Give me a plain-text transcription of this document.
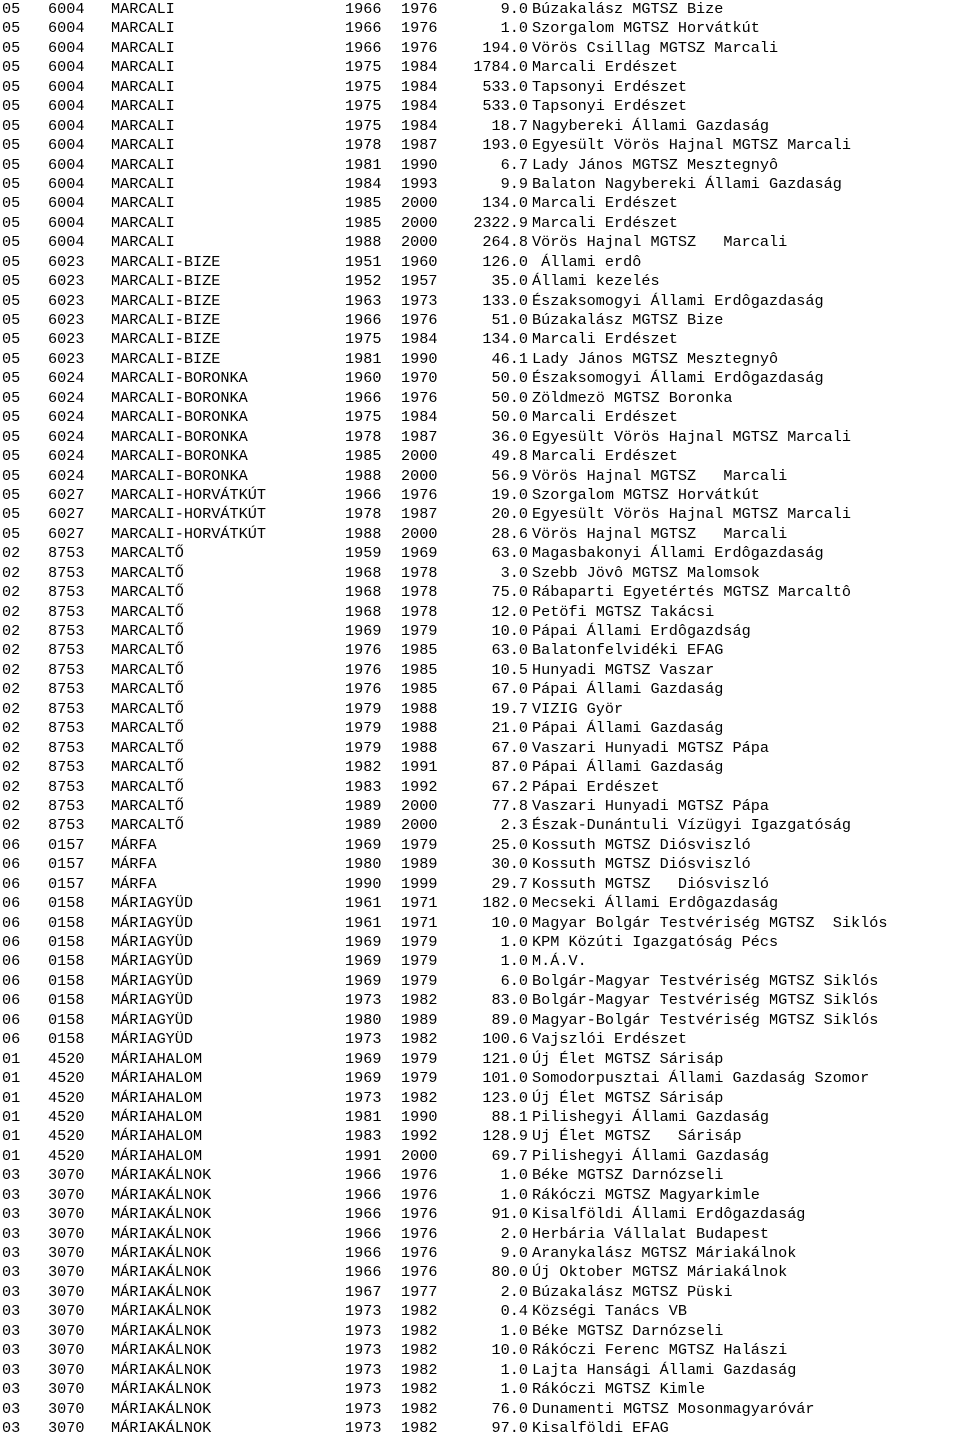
05 6004 MARCALI	1966 1976	9.0 Búzakalász MGTSZ Bize
05 6004 MARCALI	1966 1976	1.0 Szorgalom MGTSZ Horvátkút
05 6004 MARCALI	1966 1976	194.0 Vörös Csillag MGTSZ Marcali
05 6004 MARCALI	1975 1984 1784.0 Marcali Erdészet
05 6004 MARCALI	1975 1984	533.0 Tapsonyi Erdészet
05 6004 MARCALI	1975 1984	533.0 Tapsonyi Erdészet
05 6004 MARCALI	1975 1984	18.7 Nagybereki Állami Gazdaság
05 6004 MARCALI	1978 1987	193.0 Egyesült Vörös Hajnal MGTSZ Marcali
05 6004 MARCALI	1981 1990	6.7 Lady János MGTSZ Mesztegnyô
05 6004 MARCALI	1984 1993	9.9 Balaton Nagybereki Állami Gazdaság
05 6004 MARCALI	1985 2000	134.0 Marcali Erdészet
05 6004 MARCALI	1985 2000 2322.9 Marcali Erdészet
05 6004 MARCALI	1988 2000	264.8 Vörös Hajnal MGTSZ   Marcali
05 6023 MARCALI-BIZE	1951 1960	126.0 Állami erdô
05 6023 MARCALI-BIZE	1952 1957	35.0 Állami kezelés
05 6023 MARCALI-BIZE	1963 1973	133.0 Északsomogyi Állami Erdôgazdaság
05 6023 MARCALI-BIZE	1966 1976	51.0 Búzakalász MGTSZ Bize
05 6023 MARCALI-BIZE	1975 1984	134.0 Marcali Erdészet
05 6023 MARCALI-BIZE	1981 1990	46.1 Lady János MGTSZ Mesztegnyô
05 6024 MARCALI-BORONKA	1960 1970	50.0 Északsomogyi Állami Erdôgazdaság
05 6024 MARCALI-BORONKA	1966 1976	50.0 Zöldmezö MGTSZ Boronka
05 6024 MARCALI-BORONKA	1975 1984	50.0 Marcali Erdészet
05 6024 MARCALI-BORONKA	1978 1987	36.0 Egyesült Vörös Hajnal MGTSZ Marcali
05 6024 MARCALI-BORONKA	1985 2000	49.8 Marcali Erdészet
05 6024 MARCALI-BORONKA	1988 2000	56.9 Vörös Hajnal MGTSZ   Marcali
05 6027 MARCALI-HORVÁTKÚT	1966 1976	19.0 Szorgalom MGTSZ Horvátkút
05 6027 MARCALI-HORVÁTKÚT	1978 1987	20.0 Egyesült Vörös Hajnal MGTSZ Marcali
05 6027 MARCALI-HORVÁTKÚT	1988 2000	28.6 Vörös Hajnal MGTSZ   Marcali
02 8753 MARCALTŐ	1959 1969	63.0 Magasbakonyi Állami Erdôgazdaság
02 8753 MARCALTŐ	1968 1978	3.0 Szebb Jövô MGTSZ Malomsok
02 8753 MARCALTŐ	1968 1978	75.0 Rábaparti Egyetértés MGTSZ Marcaltô
02 8753 MARCALTŐ	1968 1978	12.0 Petöfi MGTSZ Takácsi
02 8753 MARCALTŐ	1969 1979	10.0 Pápai Állami Erdôgazdság
02 8753 MARCALTŐ	1976 1985	63.0 Balatonfelvidéki EFAG
02 8753 MARCALTŐ	1976 1985	10.5 Hunyadi MGTSZ Vaszar
02 8753 MARCALTŐ	1976 1985	67.0 Pápai Állami Gazdaság
02 8753 MARCALTŐ	1979 1988	19.7 VIZIG Györ
02 8753 MARCALTŐ	1979 1988	21.0 Pápai Állami Gazdaság
02 8753 MARCALTŐ	1979 1988	67.0 Vaszari Hunyadi MGTSZ Pápa
02 8753 MARCALTŐ	1982 1991	87.0 Pápai Állami Gazdaság
02 8753 MARCALTŐ	1983 1992	67.2 Pápai Erdészet
02 8753 MARCALTŐ	1989 2000	77.8 Vaszari Hunyadi MGTSZ Pápa
02 8753 MARCALTŐ	1989 2000	2.3 Észak-Dunántuli Vízügyi Igazgatóság
06 0157 MÁRFA	1969 1979	25.0 Kossuth MGTSZ Diósviszló
06 0157 MÁRFA	1980 1989	30.0 Kossuth MGTSZ Diósviszló
06 0157 MÁRFA	1990 1999	29.7 Kossuth MGTSZ   Diósviszló
06 0158 MÁRIAGYÜD	1961 1971	182.0 Mecseki Állami Erdôgazdaság
06 0158 MÁRIAGYÜD	1961 1971	10.0 Magyar Bolgár Testvériség MGTSZ  Siklós
06 0158 MÁRIAGYÜD	1969 1979	1.0 KPM Közúti Igazgatóság Pécs
06 0158 MÁRIAGYÜD	1969 1979	1.0 M.Á.V.
06 0158 MÁRIAGYÜD	1969 1979	6.0 Bolgár-Magyar Testvériség MGTSZ Siklós
06 0158 MÁRIAGYÜD	1973 1982	83.0 Bolgár-Magyar Testvériség MGTSZ Siklós
06 0158 MÁRIAGYÜD	1980 1989	89.0 Magyar-Bolgár Testvériség MGTSZ Siklós
06 0158 MÁRIAGYÜD	1973 1982	100.6 Vajszlói Erdészet
01 4520 MÁRIAHALOM	1969 1979	121.0 Új Élet MGTSZ Sárisáp
01 4520 MÁRIAHALOM	1969 1979	101.0 Somodorpusztai Állami Gazdaság Szomor
01 4520 MÁRIAHALOM	1973 1982	123.0 Új Élet MGTSZ Sárisáp
01 4520 MÁRIAHALOM	1981 1990	88.1 Pilishegyi Állami Gazdaság
01 4520 MÁRIAHALOM	1983 1992	128.9 Uj Élet MGTSZ   Sárisáp
01 4520 MÁRIAHALOM	1991 2000	69.7 Pilishegyi Állami Gazdaság
03 3070 MÁRIAKÁLNOK	1966 1976	1.0 Béke MGTSZ Darnózseli
03 3070 MÁRIAKÁLNOK	1966 1976	1.0 Rákóczi MGTSZ Magyarkimle
03 3070 MÁRIAKÁLNOK	1966 1976	91.0 Kisalföldi Állami Erdôgazdaság
03 3070 MÁRIAKÁLNOK	1966 1976	2.0 Herbária Vállalat Budapest
03 3070 MÁRIAKÁLNOK	1966 1976	9.0 Aranykalász MGTSZ Máriakálnok
03 3070 MÁRIAKÁLNOK	1966 1976	80.0 Új Oktober MGTSZ Máriakálnok
03 3070 MÁRIAKÁLNOK	1967 1977	2.0 Búzakalász MGTSZ Püski
03 3070 MÁRIAKÁLNOK	1973 1982	0.4 Községi Tanács VB
03 3070 MÁRIAKÁLNOK	1973 1982	1.0 Béke MGTSZ Darnózseli
03 3070 MÁRIAKÁLNOK	1973 1982	10.0 Rákóczi Ferenc MGTSZ Halászi
03 3070 MÁRIAKÁLNOK	1973 1982	1.0 Lajta Hansági Állami Gazdaság
03 3070 MÁRIAKÁLNOK	1973 1982	1.0 Rákóczi MGTSZ Kimle
03 3070 MÁRIAKÁLNOK	1973 1982	76.0 Dunamenti MGTSZ Mosonmagyaróvár
03 3070 MÁRIAKÁLNOK	1973 1982	97.0 Kisalföldi EFAG
